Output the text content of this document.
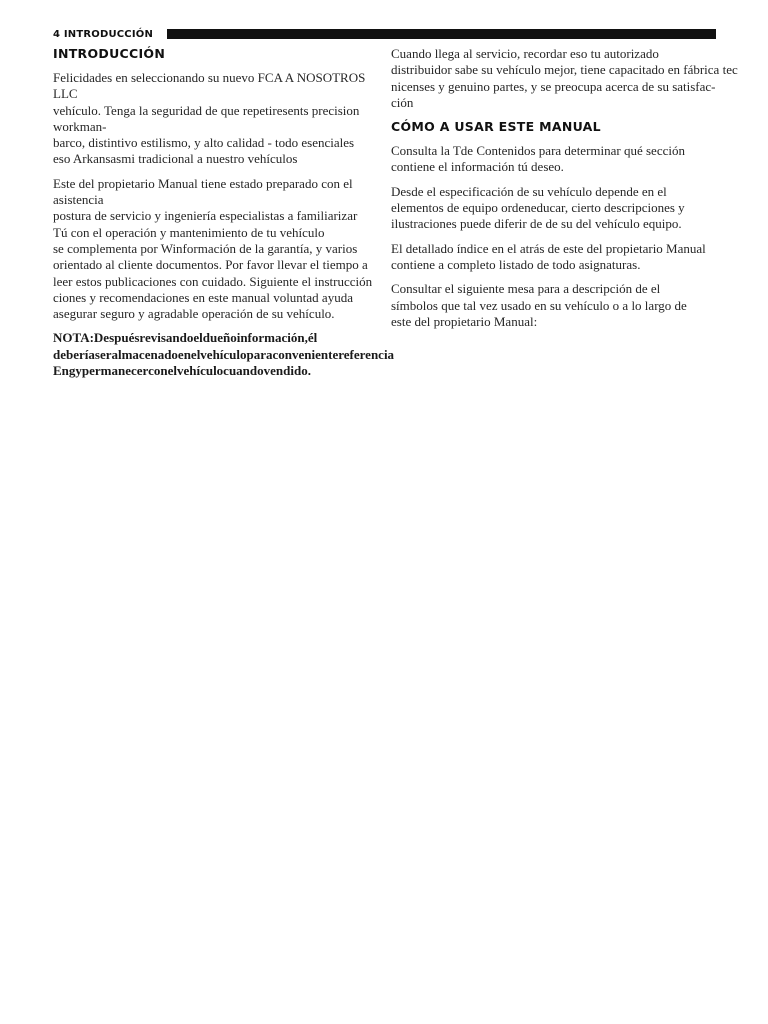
4 INTRODUCCIÓN
INTRODUCCIÓN

Felicidades en seleccionando su nuevo FCA A NOSOTROS LLC
vehículo. Tenga la seguridad de que repetiresents precision workman-
barco, distintivo estilismo, y alto calidad - todo esenciales
eso Arkansasmi tradicional a nuestro vehículos

Este del propietario Manual tiene estado preparado con el asistencia
postura de servicio y ingeniería especialistas a familiarizar
Tú con el operación y mantenimiento de tu vehículo
se complementa por Winformación de la garantía, y varios
orientado al cliente documentos. Por favor llevar el tiempo a
leer estos publicaciones con cuidado. Siguiente el instrucción
ciones y recomendaciones en este manual voluntad ayuda
asegurar seguro y agradable operación de su vehículo.

NOTA:Despuésrevisandoeldueñoinformación,él
deberíaseralmacenadoenelvehículoparaconvenientereferencia
Engypermanecerconelvehículocuandovendido.

Cuando llega al servicio, recordar eso tu autorizado
distribuidor sabe su vehículo mejor, tiene capacitado en fábrica tec
nicenses y genuino partes, y se preocupa acerca de su satisfac-
ción

CÓMO A USAR ESTE MANUAL

Consulta la Tde Contenidos para determinar qué sección
contiene el información tú deseo.

Desde el especificación de su vehículo depende en el
elementos de equipo ordeneducar, cierto descripciones y
ilustraciones puede diferir de de su del vehículo equipo.

El detallado índice en el atrás de este del propietario Manual
contiene a completo listado de todo asignaturas.

Consultar el siguiente mesa para a descripción de el
símbolos que tal vez usado en su vehículo o a lo largo de
este del propietario Manual:
